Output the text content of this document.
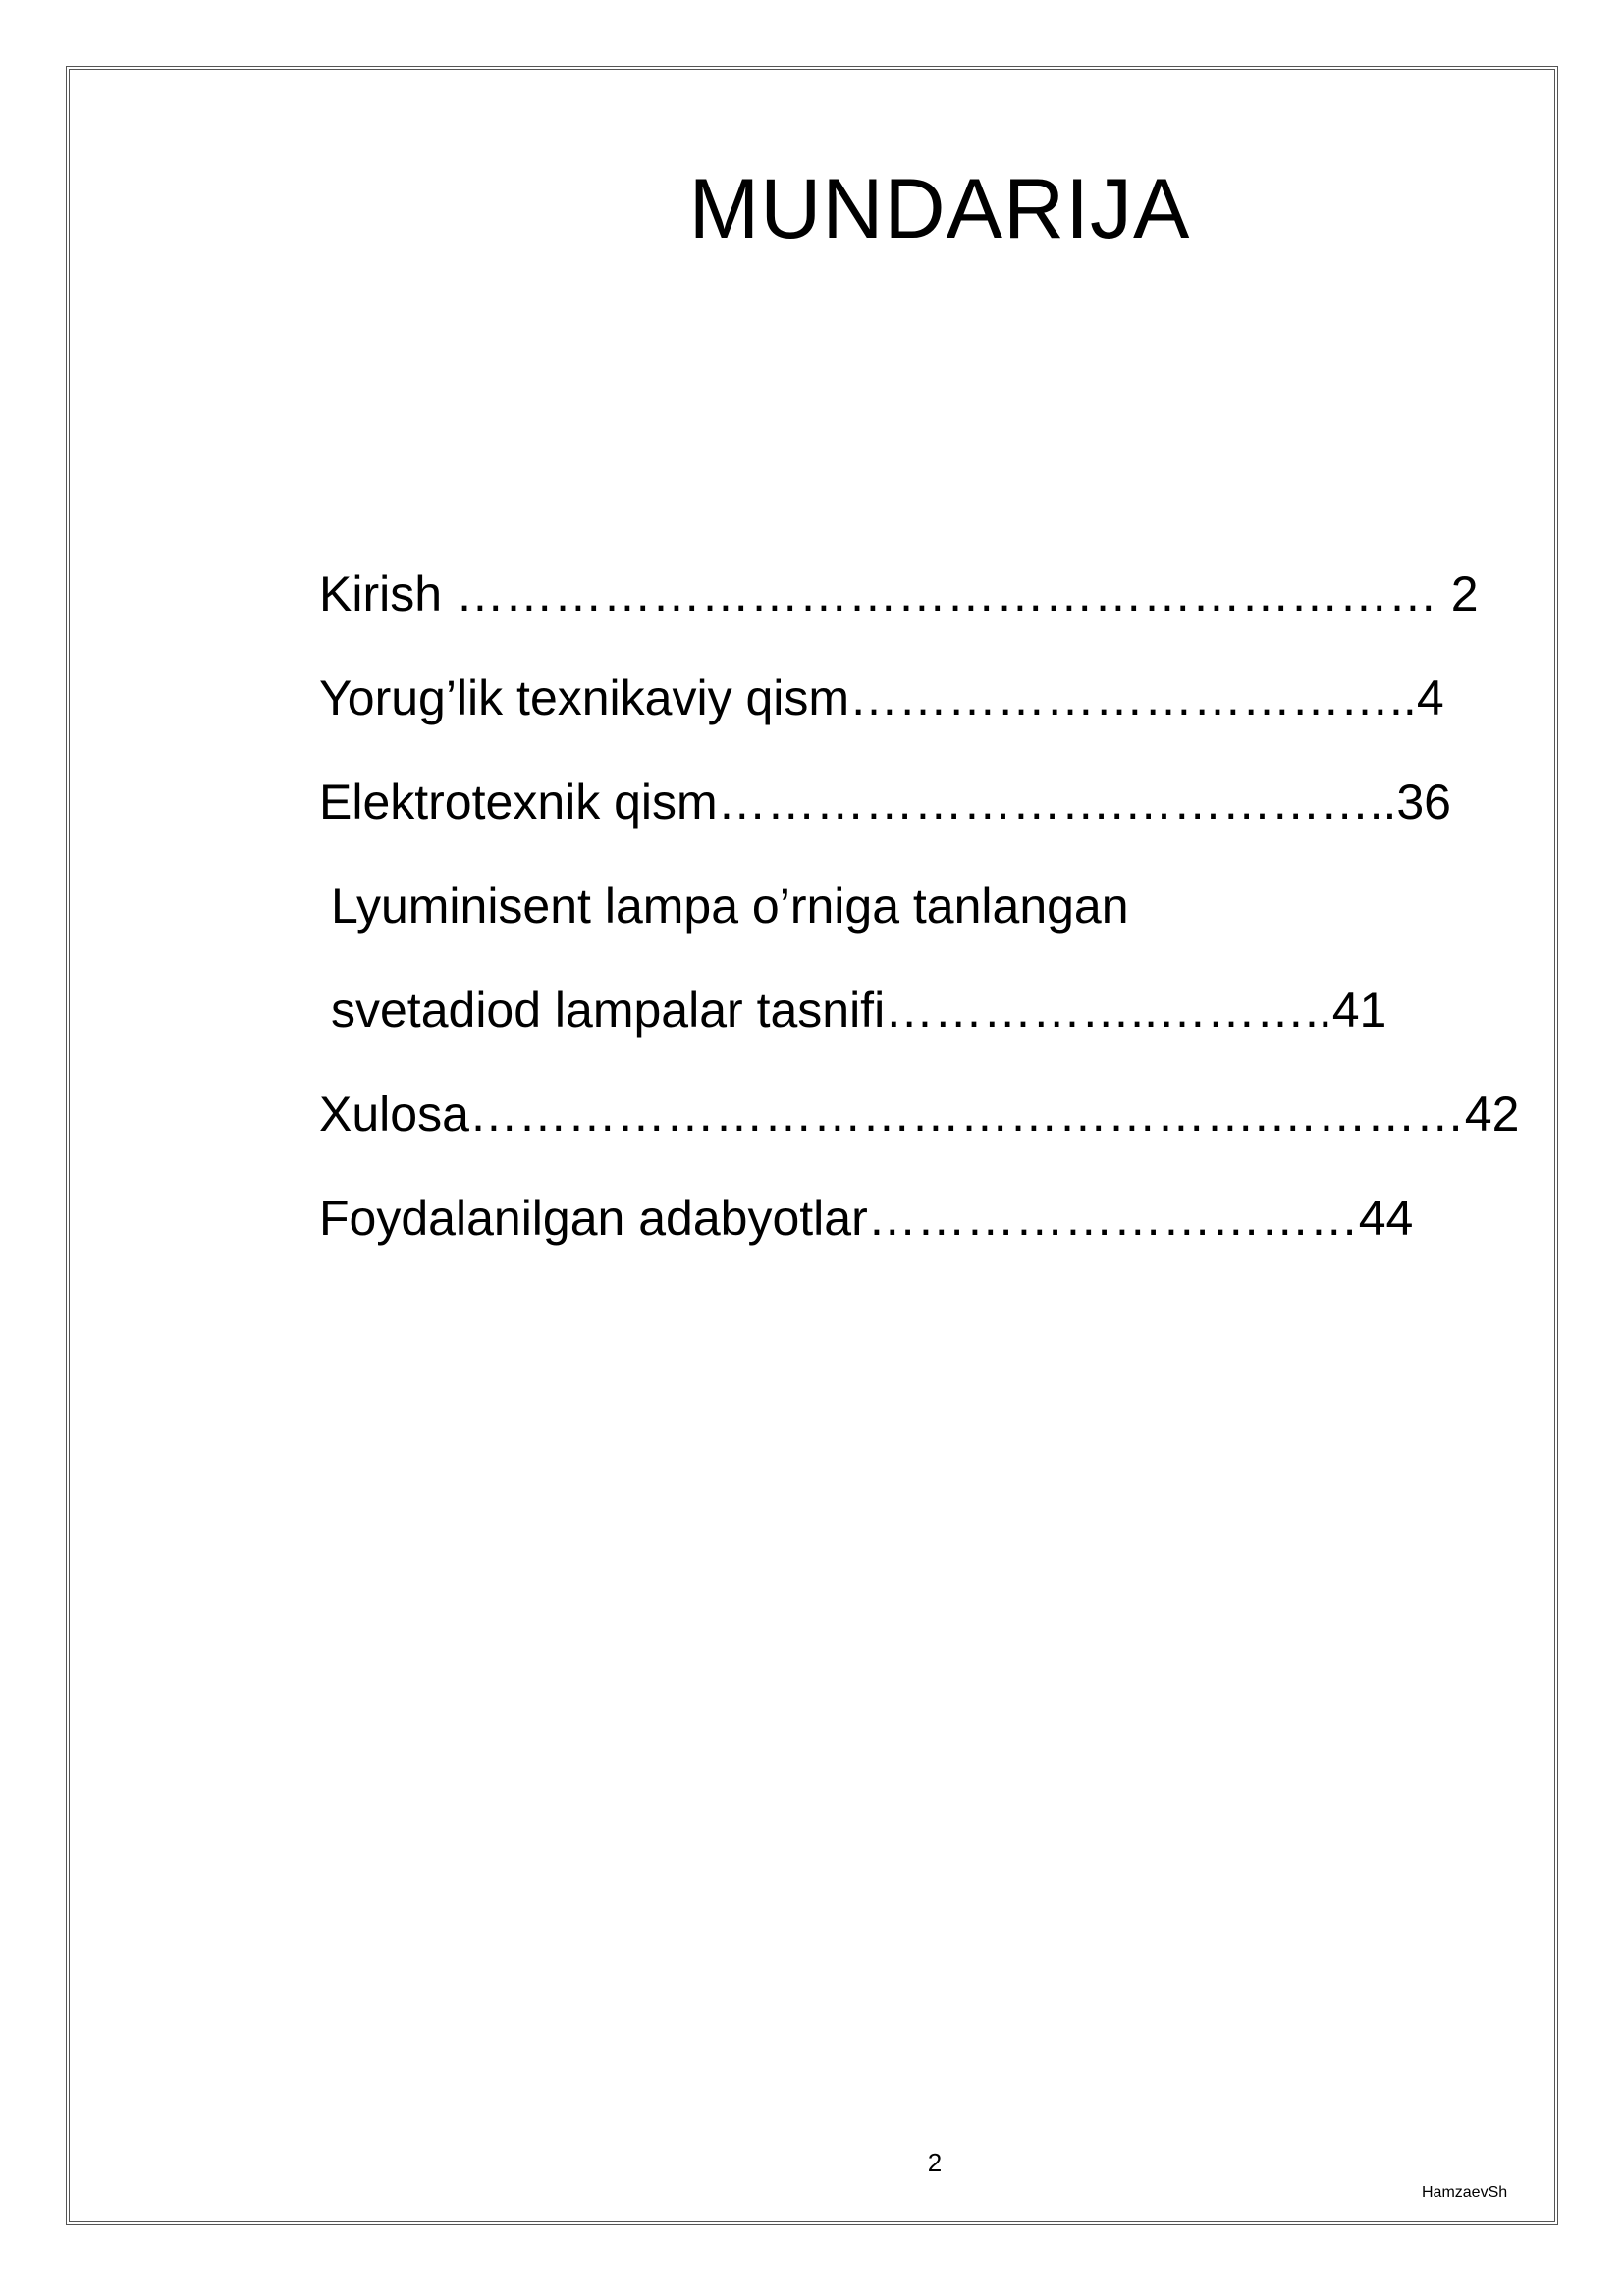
MUNDARIJA
Kirish …………………………………………………… 2
Yorug’lik texnikaviy qism……………………………..4
Elektrotexnik qism…………………….……………..36
Lyuminisent lampa o’rniga tanlangan
svetadiod lampalar tasnifi……………..………..41
Xulosa………………………………………….…………42
Foydalanilgan adabyotlar…………………………44
2
HamzaevSh
